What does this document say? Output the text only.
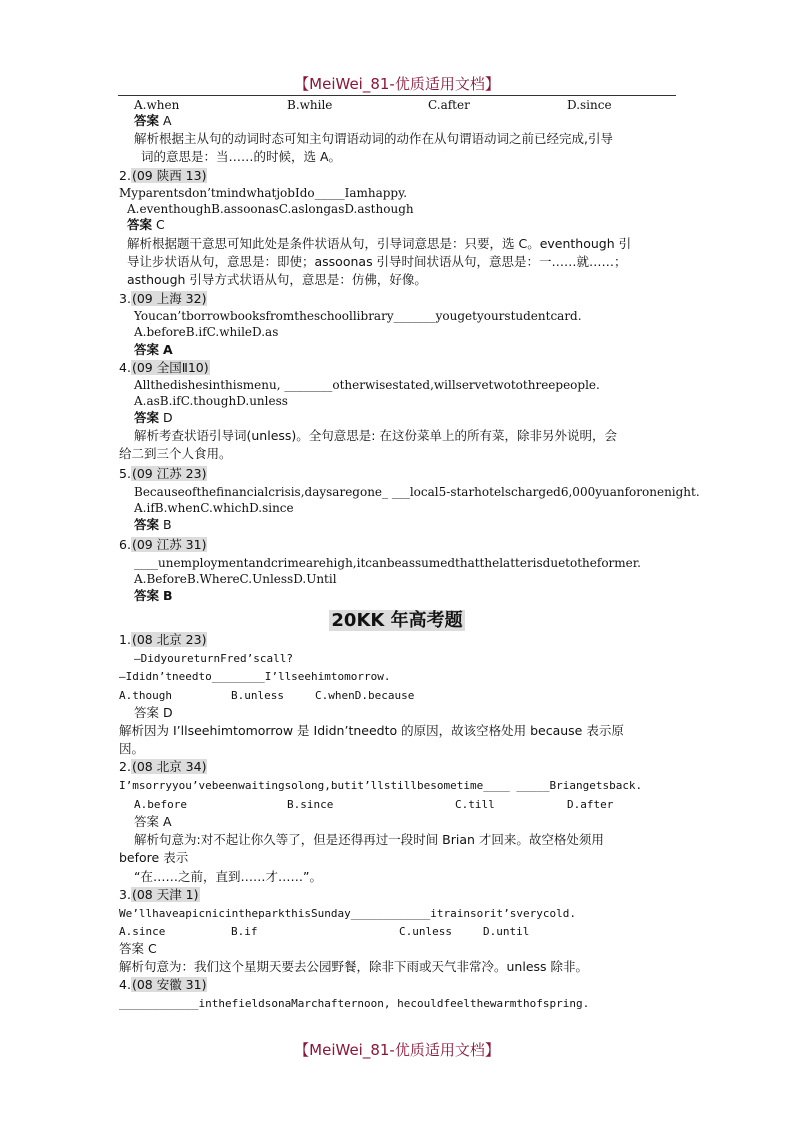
【MeiWei_81-优质适用文档】
A.when	B.while	C.after	D.since
答案 A
解析根据主从句的动词时态可知主句谓语动词的动作在从句谓语动词之前已经完成,引导
词的意思是：当……的时候，选 A。
2.(09 陕西 13)
Myparentsdon’tmindwhatjobIdo_____Iamhappy.
A.eventhoughB.assoonasC.aslongasD.asthough
答案 C
解析根据题干意思可知此处是条件状语从句，引导词意思是：只要，选 C。eventhough 引
导让步状语从句，意思是：即使；assoonas 引导时间状语从句，意思是：一……就……；
asthough 引导方式状语从句，意思是：仿佛，好像。
3.(09 上海 32)
Youcan’tborrowbooksfromtheschoollibrary_______yougetyourstudentcard.
A.beforeB.ifC.whileD.as
答案 A
4.(09 全国Ⅱ10)
Allthedishesinthismenu, ________otherwisestated,willservetwotothreepeople.
A.asB.ifC.thoughD.unless
答案 D
解析考查状语引导词(unless)。全句意思是: 在这份菜单上的所有菜，除非另外说明，会
给二到三个人食用。
5.(09 江苏 23)
Becauseofthefinancialcrisis,daysaregone_ ___local5-starhotelscharged6,000yuanforonenight.
A.ifB.whenC.whichD.since
答案 B
6.(09 江苏 31)
____unemploymentandcrimearehigh,itcanbeassumedthatthelatterisduetotheformer.
A.BeforeB.WhereC.UnlessD.Until
答案 B
20KK 年高考题
1.(08 北京 23)
—DidyoureturnFred’scall?
—Ididn’tneedto________I’llseehimtomorrow.
A.though	B.unless	C.whenD.because
答案 D
解析因为 I’llseehimtomorrow 是 Ididn’tneedto 的原因，故该空格处用 because 表示原
因。
2.(08 北京 34)
I’msorryyou’vebeenwaitingsolong,butit’llstillbesometime____ _____Briangetsback.
A.before	B.since	C.till	D.after
答案 A
解析句意为:对不起让你久等了，但是还得再过一段时间 Brian 才回来。故空格处须用
before 表示
“在……之前，直到……才……”。
3.(08 天津 1)
We’llhaveapicnicintheparkthisSunday____________itrainsorit’sverycold.
A.since	B.if	C.unless	D.until
答案 C
解析句意为：我们这个星期天要去公园野餐，除非下雨或天气非常冷。unless 除非。
4.(08 安徽 31)
____________inthefieldsonaMarchafternoon, hecouldfeelthewarmthofspring.
【MeiWei_81-优质适用文档】
